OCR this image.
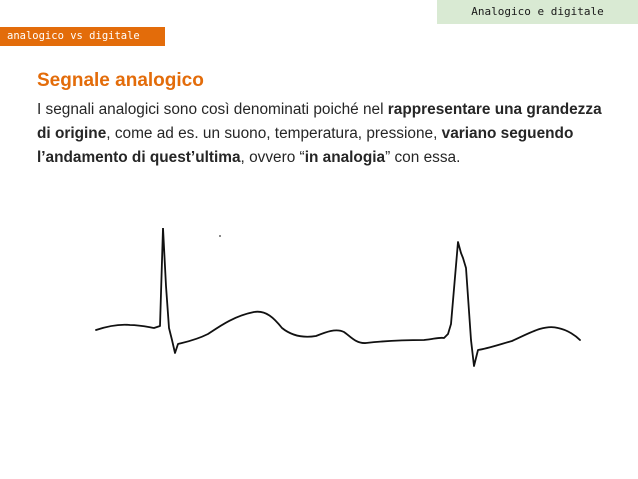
Analogico e digitale
analogico vs digitale
Segnale analogico
I segnali analogici sono così denominati poiché nel rappresentare una grandezza di origine, come ad es. un suono, temperatura, pressione, variano seguendo l’andamento di quest’ultima, ovvero “in analogia” con essa.
